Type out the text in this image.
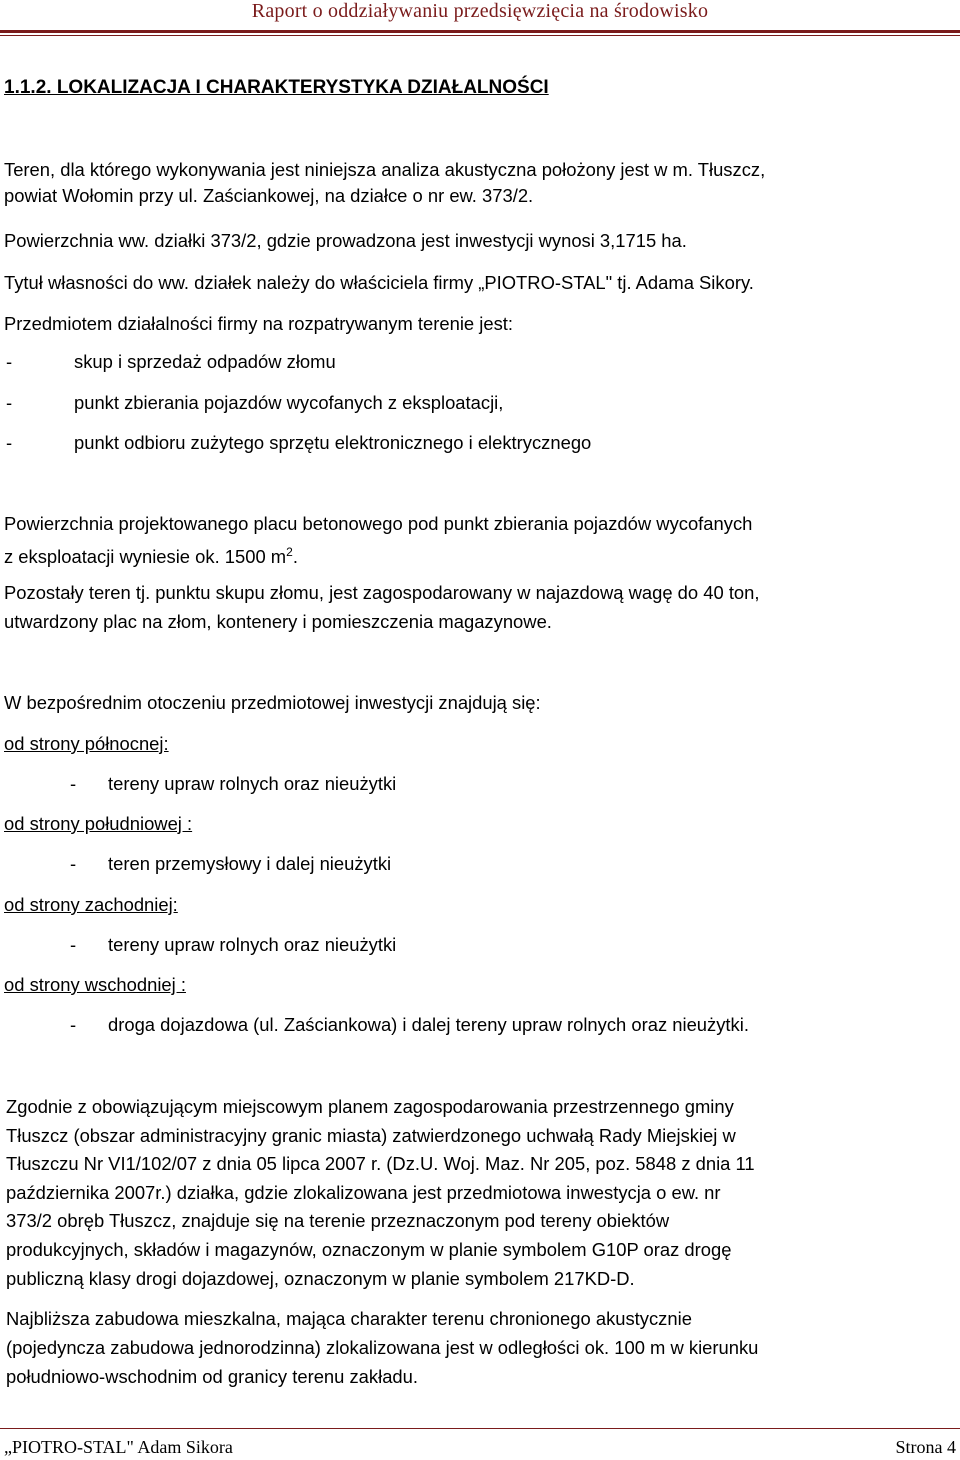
Raport o oddziaływaniu przedsięwzięcia na środowisko
1.1.2. LOKALIZACJA I CHARAKTERYSTYKA DZIAŁALNOŚCI
Teren, dla którego wykonywania jest niniejsza analiza akustyczna położony jest w m. Tłuszcz,
powiat Wołomin przy ul. Zaściankowej, na działce o nr ew. 373/2.
Powierzchnia ww. działki 373/2, gdzie prowadzona jest inwestycji wynosi 3,1715 ha.
Tytuł własności do ww. działek należy do właściciela firmy „PIOTRO-STAL" tj. Adama Sikory.
Przedmiotem działalności firmy na rozpatrywanym terenie jest:
-	skup i sprzedaż odpadów złomu
-	punkt zbierania pojazdów wycofanych z eksploatacji,
-	punkt odbioru zużytego sprzętu elektronicznego i elektrycznego
Powierzchnia projektowanego placu betonowego pod punkt zbierania pojazdów wycofanych
z eksploatacji wyniesie ok. 1500 $m^2$.
Pozostały teren tj. punktu skupu złomu, jest zagospodarowany w najazdową wagę do 40 ton,
utwardzony plac na złom, kontenery i pomieszczenia magazynowe.
W bezpośrednim otoczeniu przedmiotowej inwestycji znajdują się:
od strony północnej:
- tereny upraw rolnych oraz nieużytki
od strony południowej :
- teren przemysłowy i dalej nieużytki
od strony zachodniej:
- tereny upraw rolnych oraz nieużytki
od strony wschodniej :
- droga dojazdowa (ul. Zaściankowa) i dalej tereny upraw rolnych oraz nieużytki.
Zgodnie z obowiązującym miejscowym planem zagospodarowania przestrzennego gminy
Tłuszcz (obszar administracyjny granic miasta) zatwierdzonego uchwałą Rady Miejskiej w
Tłuszczu Nr VI1/102/07 z dnia 05 lipca 2007 r. (Dz.U. Woj. Maz. Nr 205, poz. 5848 z dnia 11
października 2007r.) działka, gdzie zlokalizowana jest przedmiotowa inwestycja o ew. nr
373/2 obręb Tłuszcz, znajduje się na terenie przeznaczonym pod tereny obiektów
produkcyjnych, składów i magazynów, oznaczonym w planie symbolem G10P oraz drogę
publiczną klasy drogi dojazdowej, oznaczonym w planie symbolem 217KD-D.
Najbliższa zabudowa mieszkalna, mająca charakter terenu chronionego akustycznie
(pojedyncza zabudowa jednorodzinna) zlokalizowana jest w odległości ok. 100 m w kierunku
południowo-wschodnim od granicy terenu zakładu.
„PIOTRO-STAL" Adam Sikora	Strona 4
